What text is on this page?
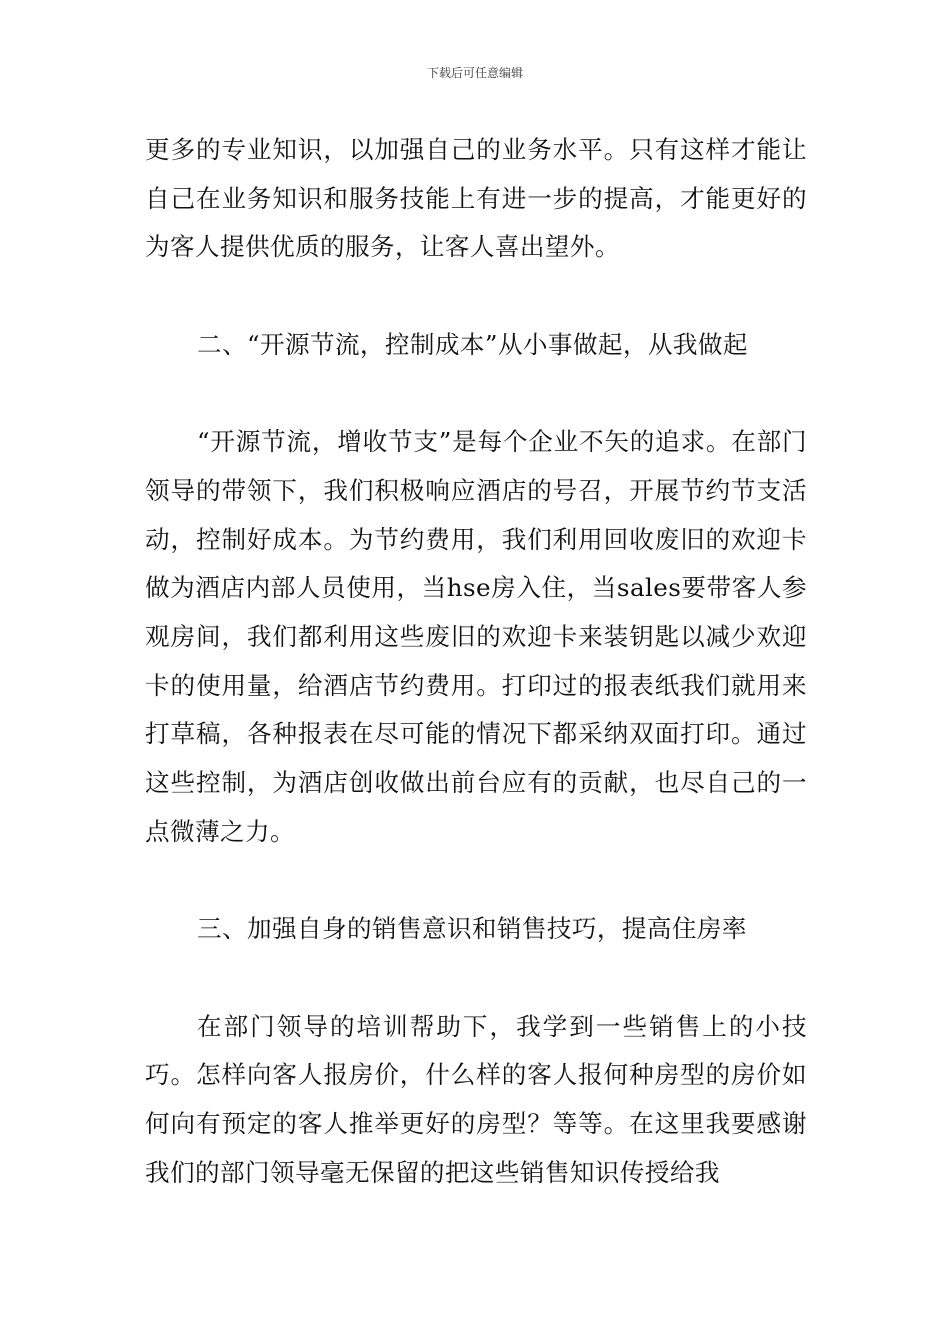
下载后可任意编辑

更多的专业知识，以加强自己的业务水平。只有这样才能让自己在业务知识和服务技能上有进一步的提高，才能更好的为客人提供优质的服务，让客人喜出望外。

二、“开源节流，控制成本”从小事做起，从我做起

“开源节流，增收节支”是每个企业不矢的追求。在部门领导的带领下，我们积极响应酒店的号召，开展节约节支活动，控制好成本。为节约费用，我们利用回收废旧的欢迎卡做为酒店内部人员使用，当hse房入住，当sales要带客人参观房间，我们都利用这些废旧的欢迎卡来装钥匙以减少欢迎卡的使用量，给酒店节约费用。打印过的报表纸我们就用来打草稿，各种报表在尽可能的情况下都采纳双面打印。通过这些控制，为酒店创收做出前台应有的贡献，也尽自己的一点微薄之力。

三、加强自身的销售意识和销售技巧，提高住房率

在部门领导的培训帮助下，我学到一些销售上的小技巧。怎样向客人报房价，什么样的客人报何种房型的房价如何向有预定的客人推举更好的房型？等等。在这里我要感谢我们的部门领导毫无保留的把这些销售知识传授给我
